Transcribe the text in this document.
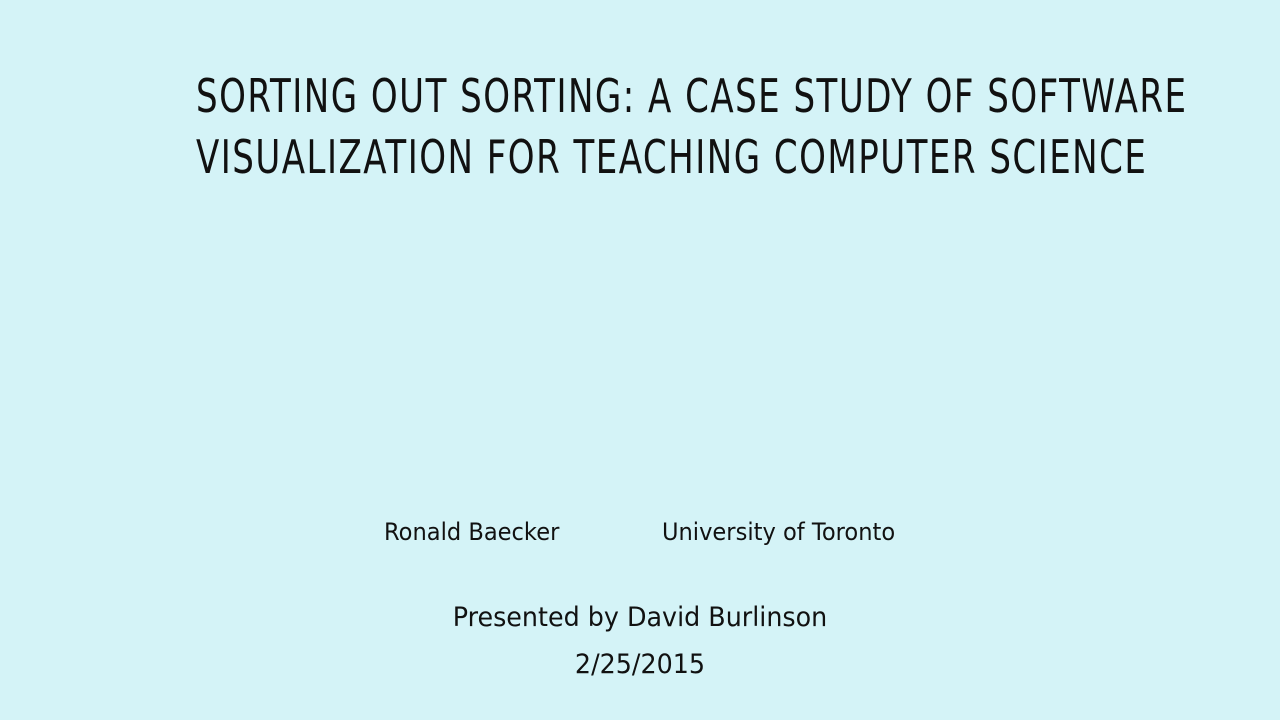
SORTING OUT SORTING: A CASE STUDY OF SOFTWARE
VISUALIZATION FOR TEACHING COMPUTER SCIENCE
Ronald Baecker	University of Toronto
Presented by David Burlinson
2/25/2015
